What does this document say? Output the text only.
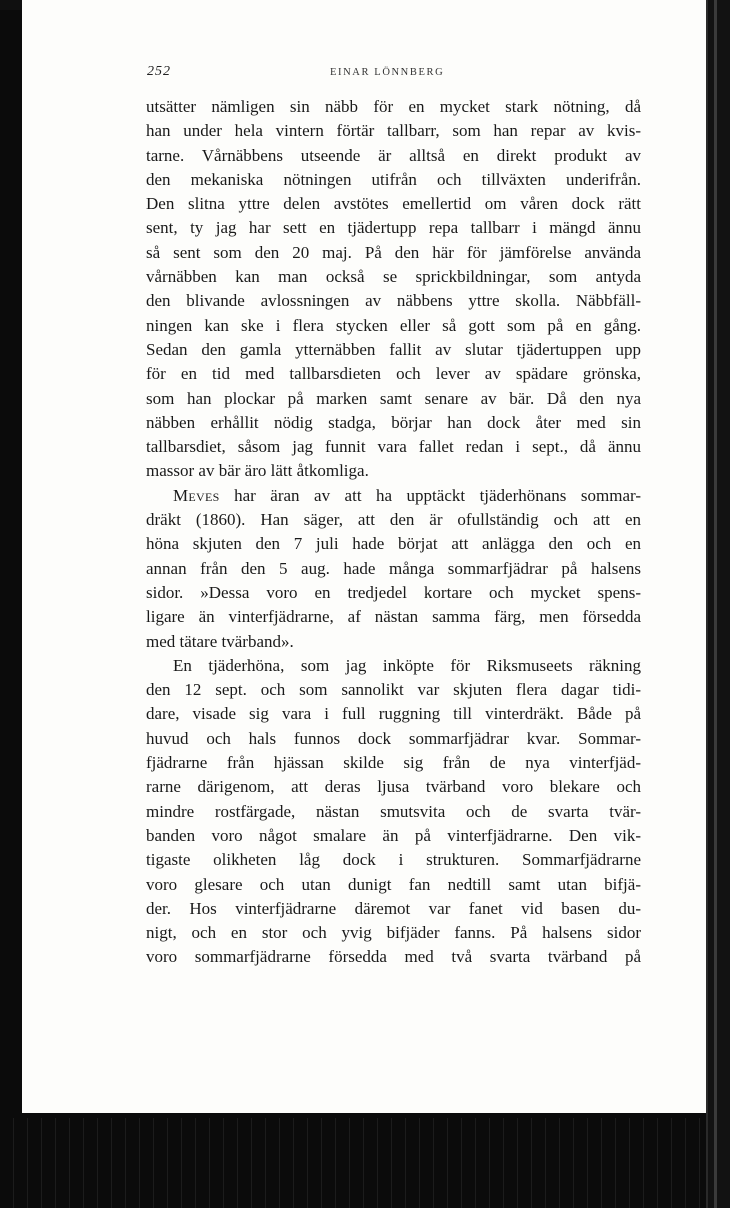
252	EINAR LÖNNBERG
utsätter nämligen sin näbb för en mycket stark nötning, då
han under hela vintern förtär tallbarr, som han repar av kvis-
tarne. Vårnäbbens utseende är alltså en direkt produkt av
den mekaniska nötningen utifrån och tillväxten underifrån.
Den slitna yttre delen avstötes emellertid om våren dock rätt
sent, ty jag har sett en tjädertupp repa tallbarr i mängd ännu
så sent som den 20 maj. På den här för jämförelse använda
vårnäbben kan man också se sprickbildningar, som antyda
den blivande avlossningen av näbbens yttre skolla. Näbbfäll-
ningen kan ske i flera stycken eller så gott som på en gång.
Sedan den gamla ytternäbben fallit av slutar tjädertuppen upp
för en tid med tallbarsdieten och lever av spädare grönska,
som han plockar på marken samt senare av bär. Då den nya
näbben erhållit nödig stadga, börjar han dock åter med sin
tallbarsdiet, såsom jag funnit vara fallet redan i sept., då ännu
massor av bär äro lätt åtkomliga.
Meves har äran av att ha upptäckt tjäderhönans sommar-
dräkt (1860). Han säger, att den är ofullständig och att en
höna skjuten den 7 juli hade börjat att anlägga den och en
annan från den 5 aug. hade många sommarfjädrar på halsens
sidor. »Dessa voro en tredjedel kortare och mycket spens-
ligare än vinterfjädrarne, af nästan samma färg, men försedda
med tätare tvärband».
En tjäderhöna, som jag inköpte för Riksmuseets räkning
den 12 sept. och som sannolikt var skjuten flera dagar tidi-
dare, visade sig vara i full ruggning till vinterdräkt. Både på
huvud och hals funnos dock sommarfjädrar kvar. Sommar-
fjädrarne från hjässan skilde sig från de nya vinterfjäd-
rarne därigenom, att deras ljusa tvärband voro blekare och
mindre rostfärgade, nästan smutsvita och de svarta tvär-
banden voro något smalare än på vinterfjädrarne. Den vik-
tigaste olikheten låg dock i strukturen. Sommarfjädrarne
voro glesare och utan dunigt fan nedtill samt utan bifjä-
der. Hos vinterfjädrarne däremot var fanet vid basen du-
nigt, och en stor och yvig bifjäder fanns. På halsens sidor
voro sommarfjädrarne försedda med två svarta tvärband på
